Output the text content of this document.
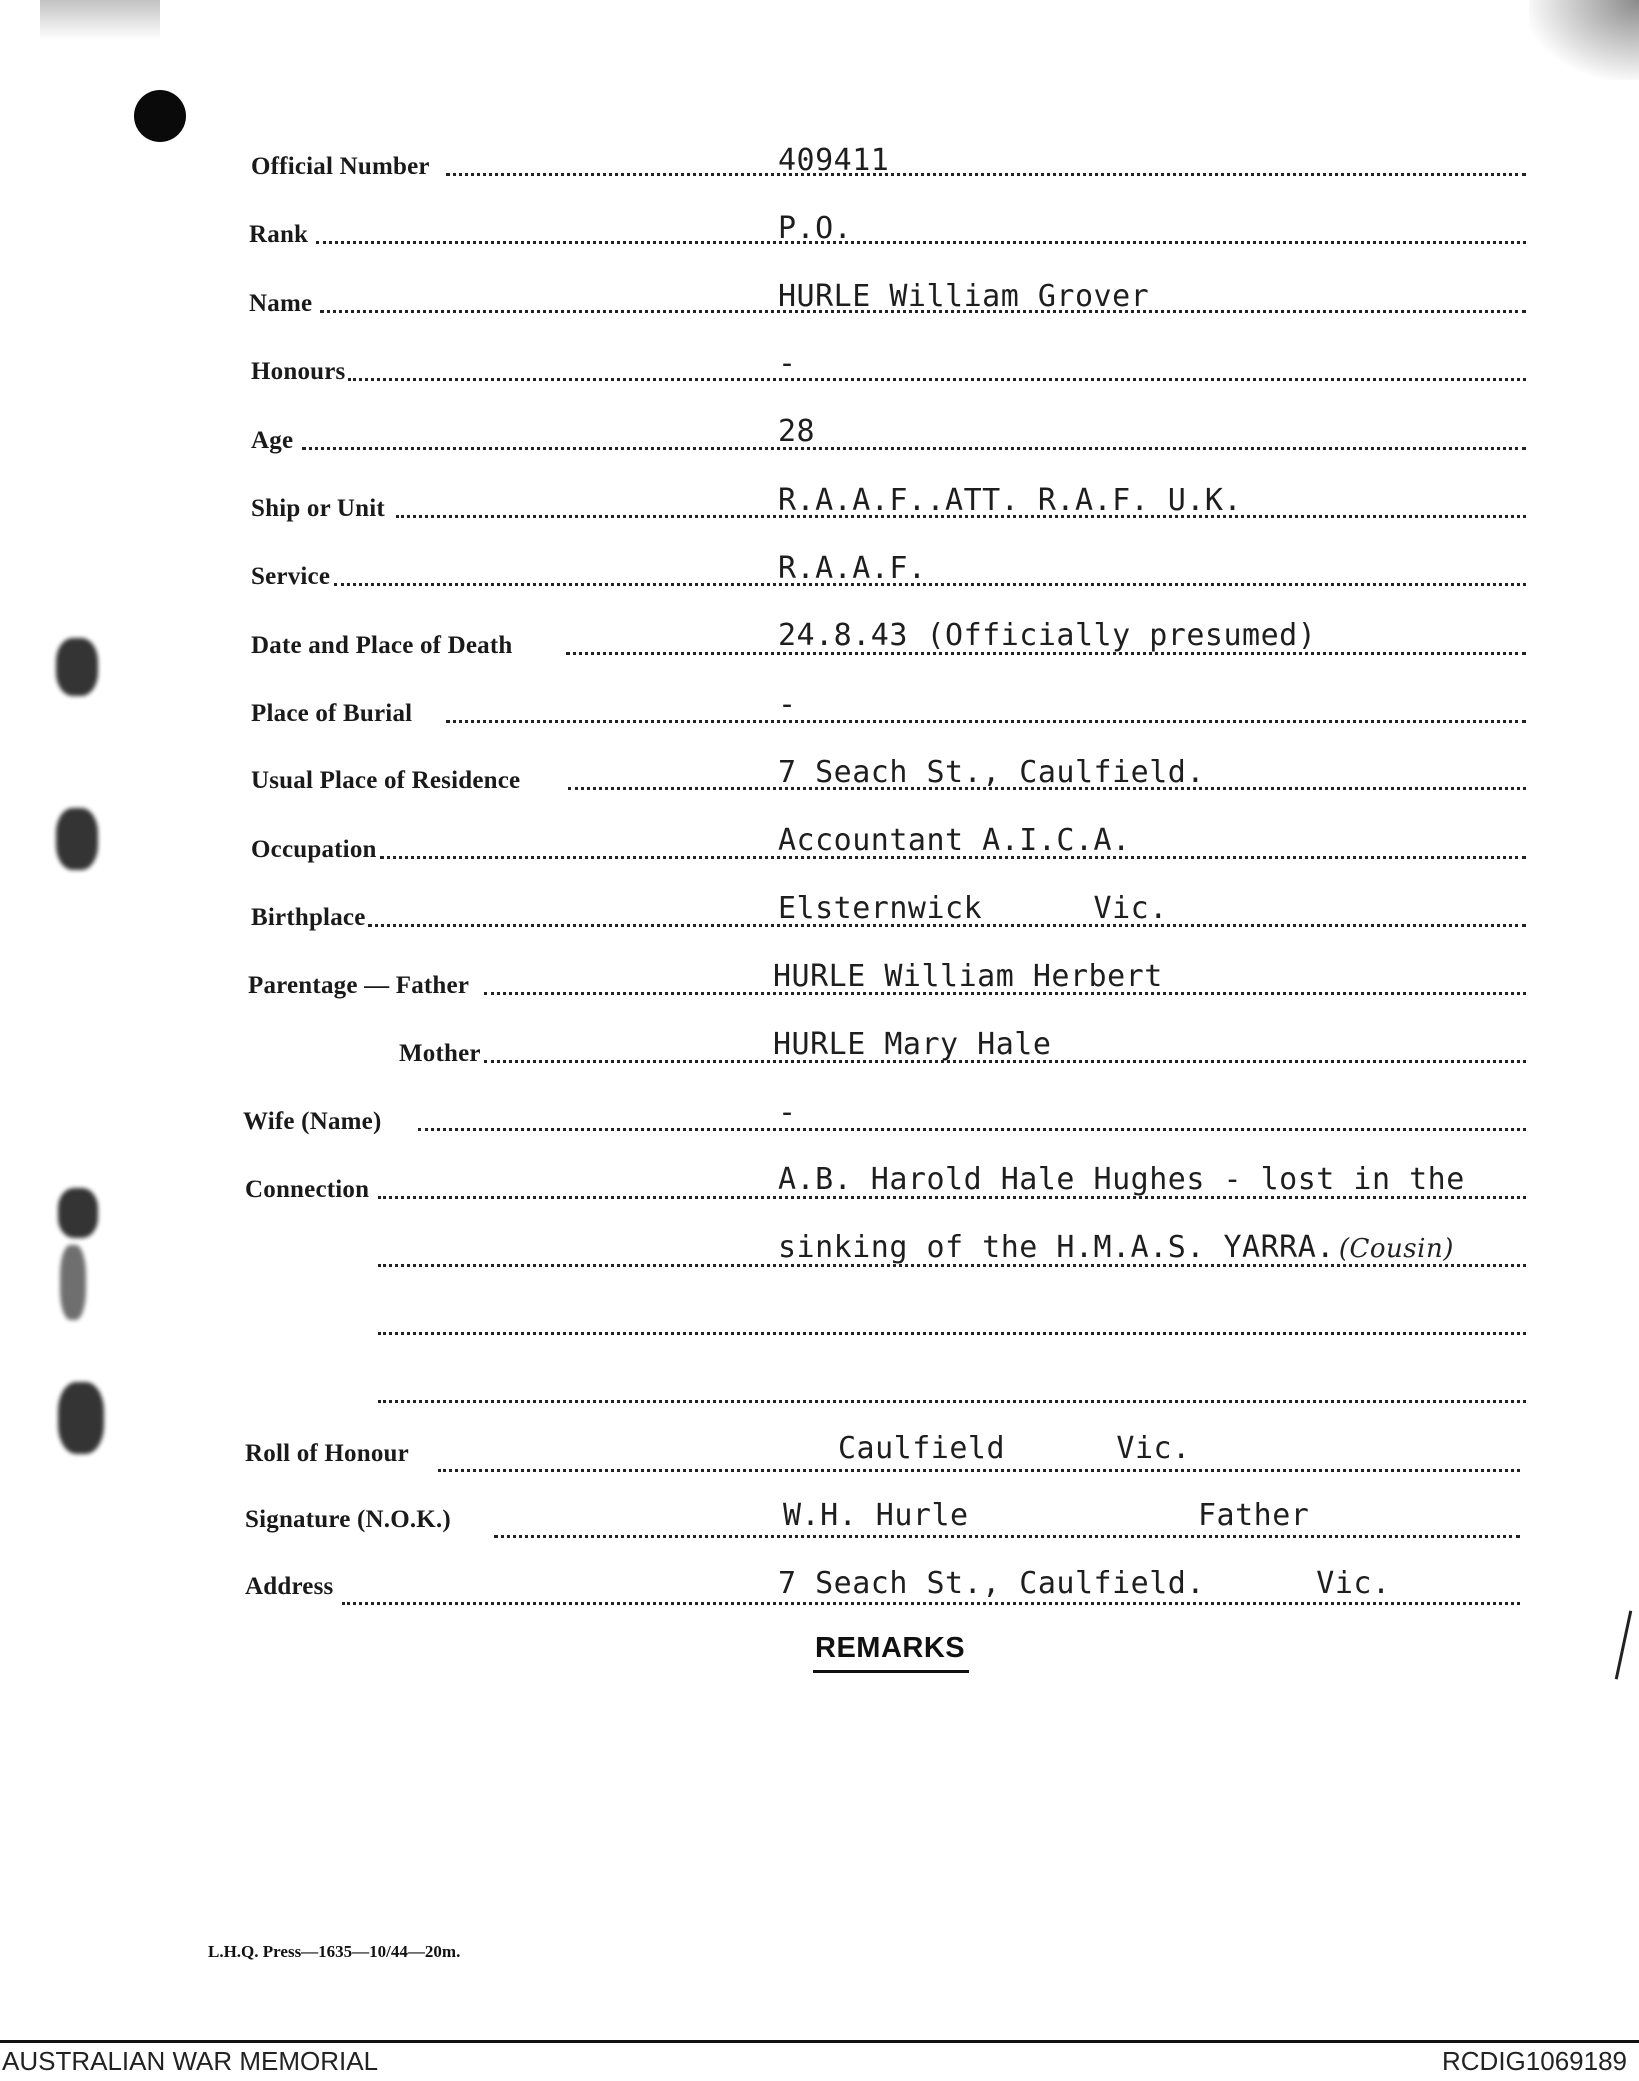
Official Number	409411
Rank	P.O.
Name	HURLE William Grover
Honours	-
Age	28
Ship or Unit	R.A.A.F..ATT. R.A.F. U.K.
Service	R.A.A.F.
Date and Place of Death	24.8.43 (Officially presumed)
Place of Burial	-
Usual Place of Residence	7 Seach St., Caulfield.
Occupation	Accountant A.I.C.A.
Birthplace	Elsternwick      Vic.
Parentage — Father	HURLE William Herbert
Mother	HURLE Mary Hale
Wife (Name)	-
Connection	A.B. Harold Hale Hughes - lost in the
sinking of the H.M.A.S. YARRA. (Cousin)
Roll of Honour	Caulfield      Vic.
Signature (N.O.K.)	W.H. Hurle	Father
Address	7 Seach St., Caulfield.      Vic.
REMARKS
L.H.Q. Press—1635—10/44—20m.
AUSTRALIAN WAR MEMORIAL	RCDIG1069189
